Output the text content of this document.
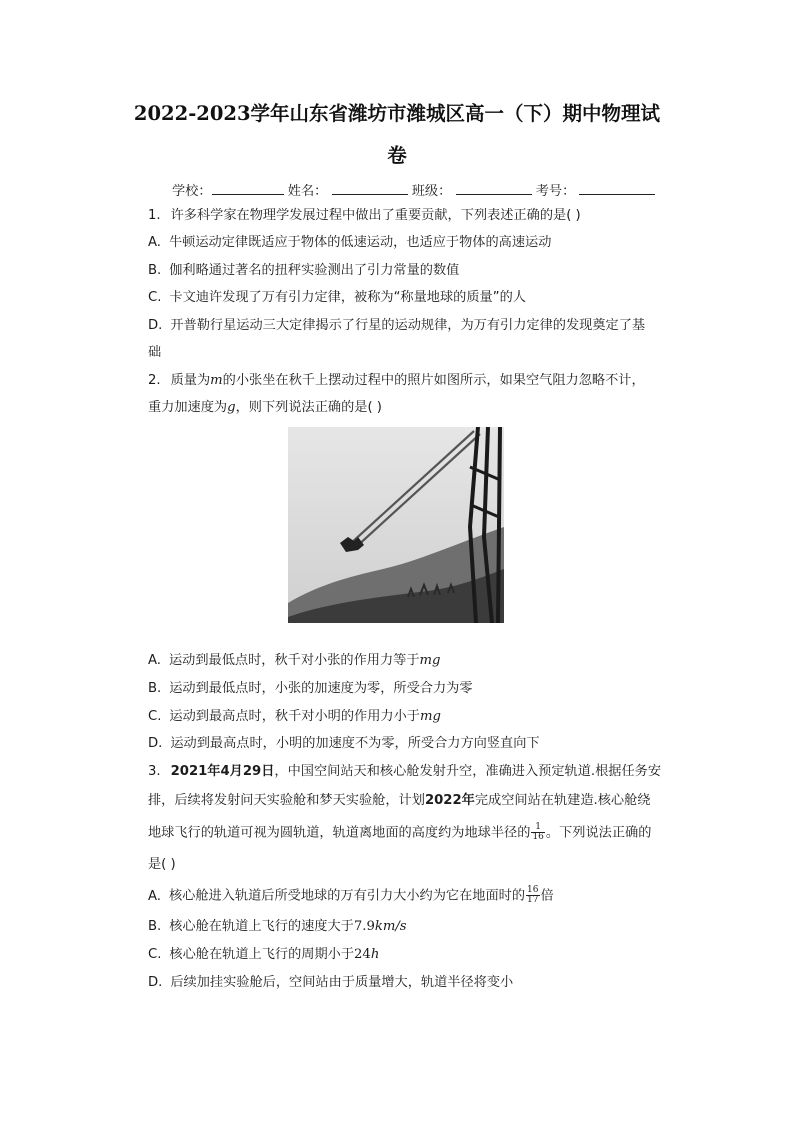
2022-2023学年山东省潍坊市潍城区高一（下）期中物理试
卷
学校：	姓名：	班级：	考号：
1. 许多科学家在物理学发展过程中做出了重要贡献，下列表述正确的是( )
A. 牛顿运动定律既适应于物体的低速运动，也适应于物体的高速运动
B. 伽利略通过著名的扭秤实验测出了引力常量的数值
C. 卡文迪许发现了万有引力定律，被称为“称量地球的质量”的人
D. 开普勒行星运动三大定律揭示了行星的运动规律，为万有引力定律的发现奠定了基
础
2. 质量为m的小张坐在秋千上摆动过程中的照片如图所示，如果空气阻力忽略不计，
重力加速度为g，则下列说法正确的是( )
A. 运动到最低点时，秋千对小张的作用力等于mg
B. 运动到最低点时，小张的加速度为零，所受合力为零
C. 运动到最高点时，秋千对小明的作用力小于mg
D. 运动到最高点时，小明的加速度不为零，所受合力方向竖直向下
3. 2021年4月29日，中国空间站天和核心舱发射升空，准确进入预定轨道.根据任务安
排，后续将发射问天实验舱和梦天实验舱，计划2022年完成空间站在轨建造.核心舱绕
地球飞行的轨道可视为圆轨道，轨道离地面的高度约为地球半径的 $\frac{1}{16}$ 。下列说法正确的
是( )
A. 核心舱进入轨道后所受地球的万有引力大小约为它在地面时的 $\frac{16}{17}$ 倍
B. 核心舱在轨道上飞行的速度大于7.9km/s
C. 核心舱在轨道上飞行的周期小于24h
D. 后续加挂实验舱后，空间站由于质量增大，轨道半径将变小
